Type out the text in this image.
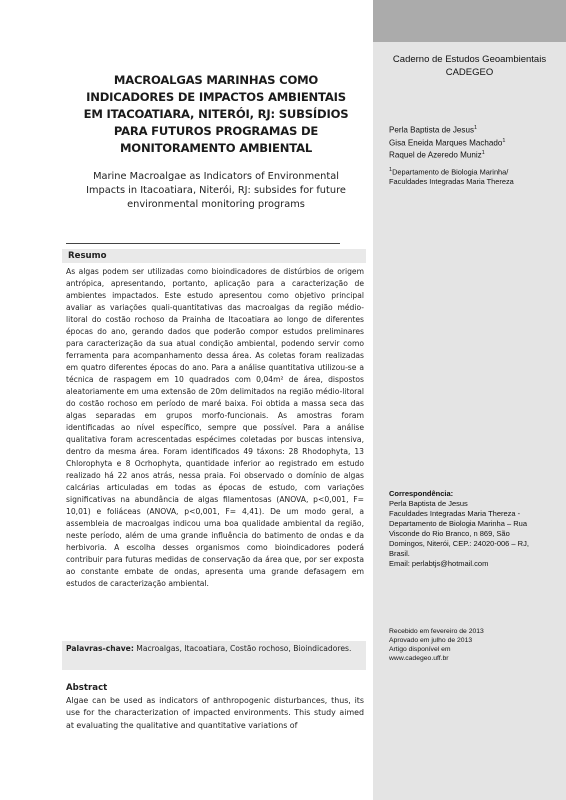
Caderno de Estudos Geoambientais
CADEGEO
Perla Baptista de Jesus$^1$
Gisa Eneida Marques Machado$^1$
Raquel de Azeredo Muniz$^1$
$^1$Departamento de Biologia Marinha/
Faculdades Integradas Maria Thereza
Correspondência:
Perla Baptista de Jesus
Faculdades Integradas Maria Thereza -
Departamento de Biologia Marinha – Rua
Visconde do Rio Branco, n 869, São
Domingos, Niterói, CEP.: 24020-006 – RJ,
Brasil.
Email: perlabtjs@hotmail.com
Recebido em fevereiro de 2013
Aprovado em julho de 2013
Artigo disponível em
www.cadegeo.uff.br
MACROALGAS MARINHAS COMO
INDICADORES DE IMPACTOS AMBIENTAIS
EM ITACOATIARA, NITERÓI, RJ: SUBSÍDIOS
PARA FUTUROS PROGRAMAS DE
MONITORAMENTO AMBIENTAL
Marine Macroalgae as Indicators of Environmental
Impacts in Itacoatiara, Niterói, RJ: subsides for future
environmental monitoring programs
Resumo
As algas podem ser utilizadas como bioindicadores de distúrbios de origem antrópica, apresentando, portanto, aplicação para a caracterização de ambientes impactados. Este estudo apresentou como objetivo principal avaliar as variações quali-quantitativas das macroalgas da região médio-litoral do costão rochoso da Prainha de Itacoatiara ao longo de diferentes épocas do ano, gerando dados que poderão compor estudos preliminares para caracterização da sua atual condição ambiental, podendo servir como ferramenta para acompanhamento dessa área. As coletas foram realizadas em quatro diferentes épocas do ano. Para a análise quantitativa utilizou-se a técnica de raspagem em 10 quadrados com 0,04m² de área, dispostos aleatoriamente em uma extensão de 20m delimitados na região médio-litoral do costão rochoso em período de maré baixa. Foi obtida a massa seca das algas separadas em grupos morfo-funcionais. As amostras foram identificadas ao nível específico, sempre que possível. Para a análise qualitativa foram acrescentadas espécimes coletadas por buscas intensiva, dentro da mesma área. Foram identificados 49 táxons: 28 Rhodophyta, 13 Chlorophyta e 8 Ocrhophyta, quantidade inferior ao registrado em estudo realizado há 22 anos atrás, nessa praia. Foi observado o domínio de algas calcárias articuladas em todas as épocas de estudo, com variações significativas na abundância de algas filamentosas (ANOVA, p<0,001, F= 10,01) e foliáceas (ANOVA, p<0,001, F= 4,41). De um modo geral, a assembleia de macroalgas indicou uma boa qualidade ambiental da região, neste período, além de uma grande influência do batimento de ondas e da herbivoria. A escolha desses organismos como bioindicadores poderá contribuir para futuras medidas de conservação da área que, por ser exposta ao constante embate de ondas, apresenta uma grande defasagem em estudos de caracterização ambiental.
Palavras-chave: Macroalgas, Itacoatiara, Costão rochoso, Bioindicadores.
Abstract
Algae can be used as indicators of anthropogenic disturbances, thus, its use for the characterization of impacted environments. This study aimed at evaluating the qualitative and quantitative variations of
